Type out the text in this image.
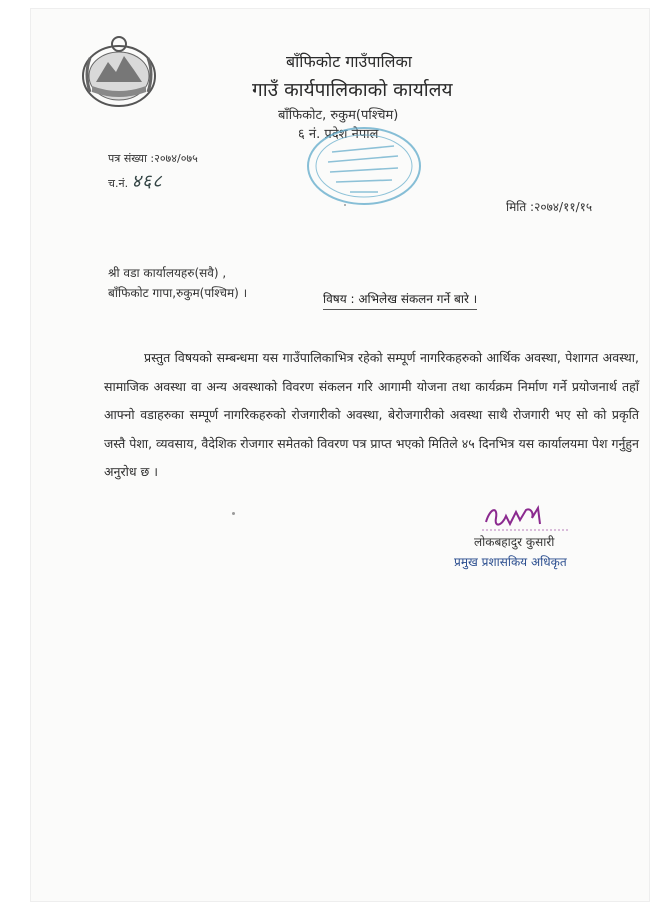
बाँफिकोट गाउँपालिका
गाउँ कार्यपालिकाको कार्यालय
बाँफिकोट, रुकुम(पश्चिम)
६ नं. प्रदेश नेपाल
पत्र संख्या :२०७४/०७५
च.नं. ४६८
मिति :२०७४/११/१५
श्री वडा कार्यालयहरु(सवै) ,
बाँफिकोट गापा,रुकुम(पश्चिम) ।	विषय : अभिलेख संकलन गर्ने बारे ।
प्रस्तुत विषयको सम्बन्धमा यस गाउँपालिकाभित्र रहेको सम्पूर्ण नागरिकहरुको आर्थिक अवस्था, पेशागत अवस्था, सामाजिक अवस्था वा अन्य अवस्थाको विवरण संकलन गरि आगामी योजना तथा कार्यक्रम निर्माण गर्ने प्रयोजनार्थ तहाँ आफ्नो वडाहरुका सम्पूर्ण नागरिकहरुको रोजगारीको अवस्था, बेरोजगारीको अवस्था साथै रोजगारी भए सो को प्रकृति जस्तै पेशा, व्यवसाय, वैदेशिक रोजगार समेतको विवरण पत्र प्राप्त भएको मितिले ४५ दिनभित्र यस कार्यालयमा पेश गर्नुहुन अनुरोध छ ।
लोकबहादुर कुसारी
प्रमुख प्रशासकिय अधिकृत
